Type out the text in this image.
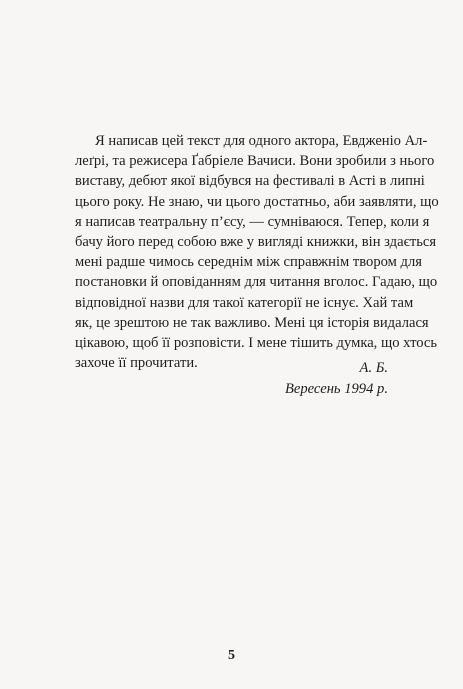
Я написав цей текст для одного актора, Евдженіо Ал-
леґрі, та режисера Ґабріеле Вачиси. Вони зробили з нього
виставу, дебют якої відбувся на фестивалі в Асті в липні
цього року. Не знаю, чи цього достатньо, аби заявляти, що
я написав театральну п’єсу, — сумніваюся. Тепер, коли я
бачу його перед собою вже у вигляді книжки, він здається
мені радше чимось середнім між справжнім твором для
постановки й оповіданням для читання вголос. Гадаю, що
відповідної назви для такої категорії не існує. Хай там
як, це зрештою не так важливо. Мені ця історія видалася
цікавою, щоб її розповісти. І мене тішить думка, що хтось
захоче її прочитати.	А. Б.
Вересень 1994 р.
5
